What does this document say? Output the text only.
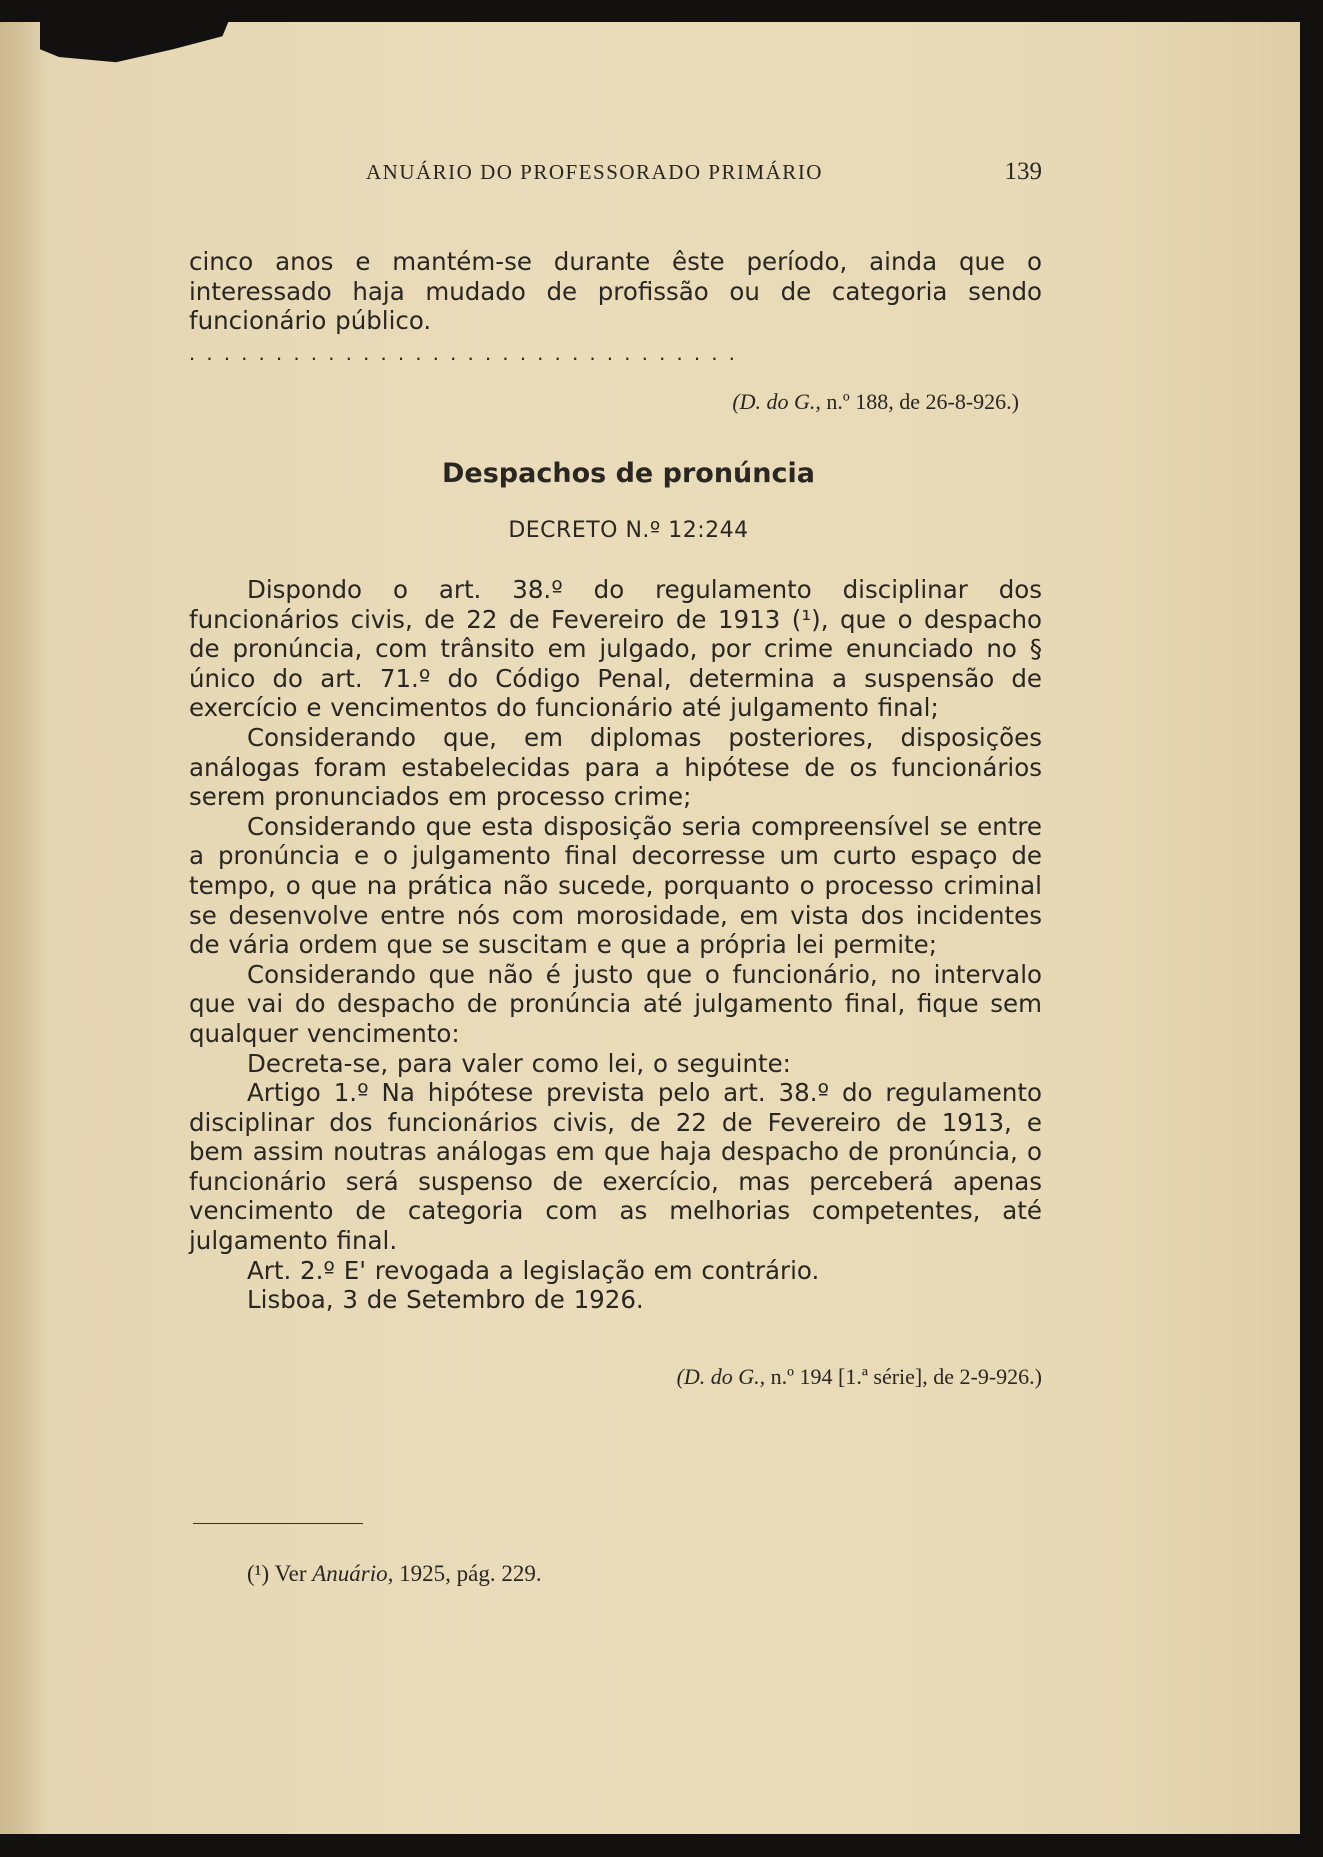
ANUÁRIO DO PROFESSORADO PRIMÁRIO	139
cinco anos e mantém-se durante êste período, ainda que o interessado haja mudado de profissão ou de categoria sendo funcionário público.
................................
(D. do G., n.º 188, de 26-8-926.)
Despachos de pronúncia
DECRETO N.º 12:244

Dispondo o art. 38.º do regulamento disciplinar dos funcionários civis, de 22 de Fevereiro de 1913 (¹), que o despacho de pronúncia, com trânsito em julgado, por crime enunciado no § único do art. 71.º do Código Penal, determina a suspensão de exercício e vencimentos do funcionário até julgamento final;

Considerando que, em diplomas posteriores, disposições análogas foram estabelecidas para a hipótese de os funcionários serem pronunciados em processo crime;

Considerando que esta disposição seria compreensível se entre a pronúncia e o julgamento final decorresse um curto espaço de tempo, o que na prática não sucede, porquanto o processo criminal se desenvolve entre nós com morosidade, em vista dos incidentes de vária ordem que se suscitam e que a própria lei permite;

Considerando que não é justo que o funcionário, no intervalo que vai do despacho de pronúncia até julgamento final, fique sem qualquer vencimento:

Decreta-se, para valer como lei, o seguinte:

Artigo 1.º Na hipótese prevista pelo art. 38.º do regulamento disciplinar dos funcionários civis, de 22 de Fevereiro de 1913, e bem assim noutras análogas em que haja despacho de pronúncia, o funcionário será suspenso de exercício, mas perceberá apenas vencimento de categoria com as melhorias competentes, até julgamento final.

Art. 2.º E' revogada a legislação em contrário.

Lisboa, 3 de Setembro de 1926.

(D. do G., n.º 194 [1.ª série], de 2-9-926.)
(¹) Ver Anuário, 1925, pág. 229.
